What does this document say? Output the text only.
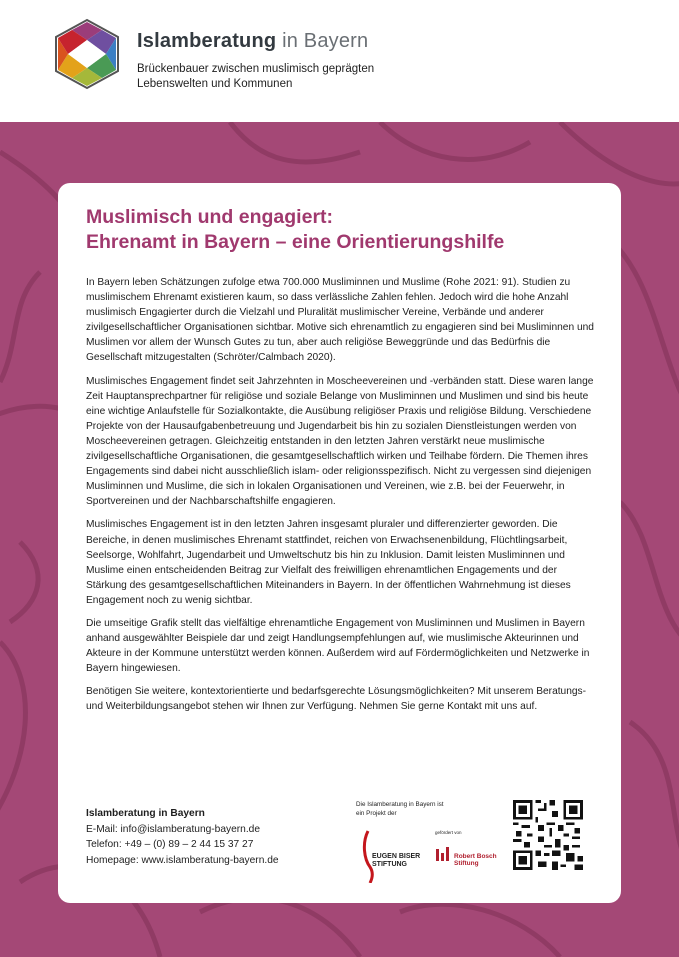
Islamberatung in Bayern
Brückenbauer zwischen muslimisch geprägten
Lebenswelten und Kommunen
Muslimisch und engagiert:
Ehrenamt in Bayern – eine Orientierungshilfe

In Bayern leben Schätzungen zufolge etwa 700.000 Musliminnen und Muslime (Rohe 2021: 91). Studien zu muslimischem Ehrenamt existieren kaum, so dass verlässliche Zahlen fehlen. Jedoch wird die hohe Anzahl muslimisch Engagierter durch die Vielzahl und Pluralität muslimischer Vereine, Verbände und anderer zivilgesellschaftlicher Organisationen sichtbar. Motive sich ehrenamtlich zu engagieren sind bei Musliminnen und Muslimen vor allem der Wunsch Gutes zu tun, aber auch religiöse Beweggründe und das Bedürfnis die Gesellschaft mitzugestalten (Schröter/Calmbach 2020).

Muslimisches Engagement findet seit Jahrzehnten in Moscheevereinen und -verbänden statt. Diese waren lange Zeit Hauptansprechpartner für religiöse und soziale Belange von Musliminnen und Muslimen und sind bis heute eine wichtige Anlaufstelle für Sozialkontakte, die Ausübung religiöser Praxis und religiöse Bildung. Verschiedene Projekte von der Hausaufgabenbetreuung und Jugendarbeit bis hin zu sozialen Dienstleistungen werden von Moscheevereinen getragen. Gleichzeitig entstanden in den letzten Jahren verstärkt neue muslimische zivilgesellschaftliche Organisationen, die gesamtgesellschaftlich wirken und Teilhabe fördern. Die Themen ihres Engagements sind dabei nicht ausschließlich islam- oder religionsspezifisch. Nicht zu vergessen sind diejenigen Musliminnen und Muslime, die sich in lokalen Organisationen und Vereinen, wie z.B. bei der Feuerwehr, in Sportvereinen und der Nachbarschaftshilfe engagieren.

Muslimisches Engagement ist in den letzten Jahren insgesamt pluraler und differenzierter geworden. Die Bereiche, in denen muslimisches Ehrenamt stattfindet, reichen von Erwachsenenbildung, Flüchtlingsarbeit, Seelsorge, Wohlfahrt, Jugendarbeit und Umweltschutz bis hin zu Inklusion. Damit leisten Musliminnen und Muslime einen entscheidenden Beitrag zur Vielfalt des freiwilligen ehrenamtlichen Engagements und der Stärkung des gesamtgesellschaftlichen Miteinanders in Bayern. In der öffentlichen Wahrnehmung ist dieses Engagement noch zu wenig sichtbar.

Die umseitige Grafik stellt das vielfältige ehrenamtliche Engagement von Musliminnen und Muslimen in Bayern anhand ausgewählter Beispiele dar und zeigt Handlungsempfehlungen auf, wie muslimische Akteurinnen und Akteure in der Kommune unterstützt werden können. Außerdem wird auf Fördermöglichkeiten und Netzwerke in Bayern hingewiesen.

Benötigen Sie weitere, kontextorientierte und bedarfsgerechte Lösungsmöglichkeiten? Mit unserem Beratungs- und Weiterbildungsangebot stehen wir Ihnen zur Verfügung. Nehmen Sie gerne Kontakt mit uns auf.

Islamberatung in Bayern
E-Mail: info@islamberatung-bayern.de
Telefon: +49 – (0) 89 – 2 44 15 37 27
Homepage: www.islamberatung-bayern.de
Die Islamberatung in Bayern ist
ein Projekt der
EUGEN BISER
STIFTUNG
gefördert von
Robert Bosch
Stiftung
